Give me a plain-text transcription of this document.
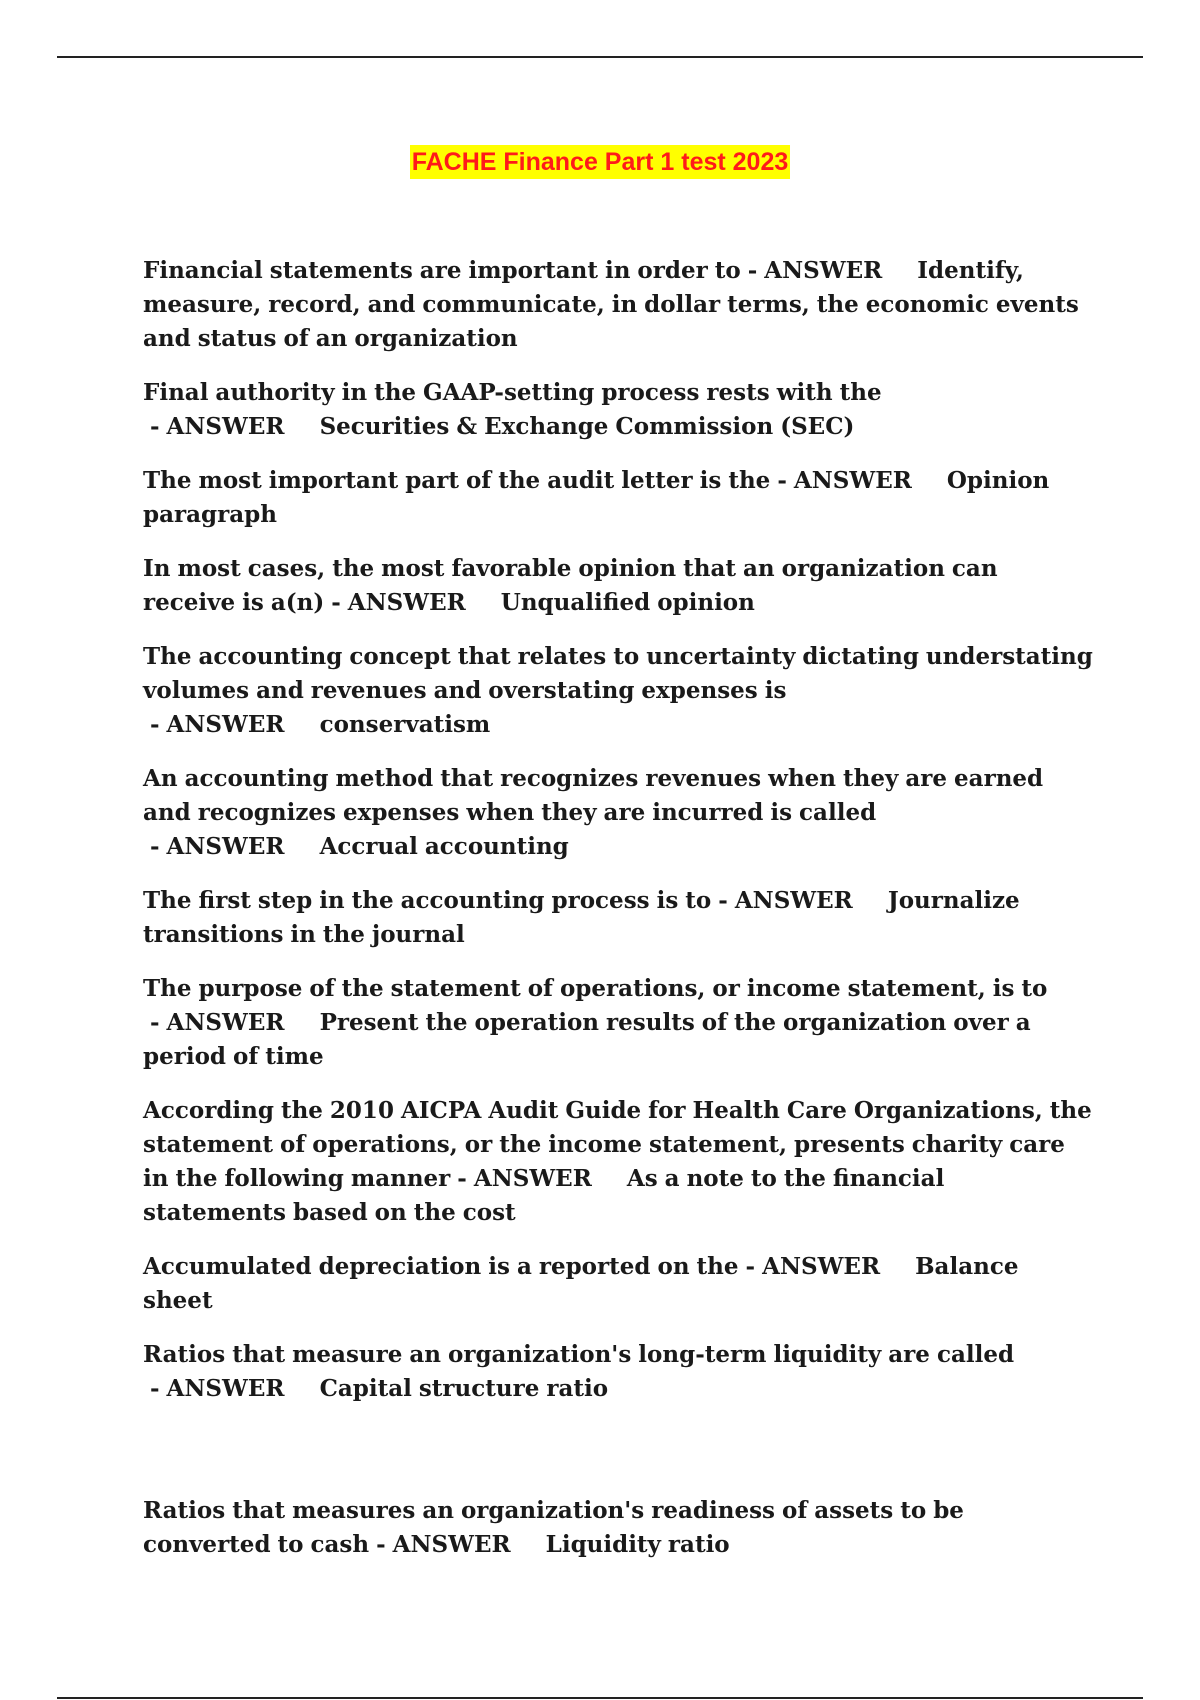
FACHE Finance Part 1 test 2023

Financial statements are important in order to - ANSWER     Identify, measure, record, and communicate, in dollar terms, the economic events and status of an organization

Final authority in the GAAP-setting process rests with the - ANSWER     Securities & Exchange Commission (SEC)

The most important part of the audit letter is the - ANSWER     Opinion paragraph

In most cases, the most favorable opinion that an organization can receive is a(n) - ANSWER     Unqualified opinion

The accounting concept that relates to uncertainty dictating understating volumes and revenues and overstating expenses is - ANSWER     conservatism

An accounting method that recognizes revenues when they are earned and recognizes expenses when they are incurred is called - ANSWER     Accrual accounting

The first step in the accounting process is to - ANSWER     Journalize transitions in the journal

The purpose of the statement of operations, or income statement, is to - ANSWER     Present the operation results of the organization over a period of time

According the 2010 AICPA Audit Guide for Health Care Organizations, the statement of operations, or the income statement, presents charity care in the following manner - ANSWER     As a note to the financial statements based on the cost

Accumulated depreciation is a reported on the - ANSWER     Balance sheet

Ratios that measure an organization's long-term liquidity are called - ANSWER     Capital structure ratio

Ratios that measures an organization's readiness of assets to be converted to cash - ANSWER     Liquidity ratio
